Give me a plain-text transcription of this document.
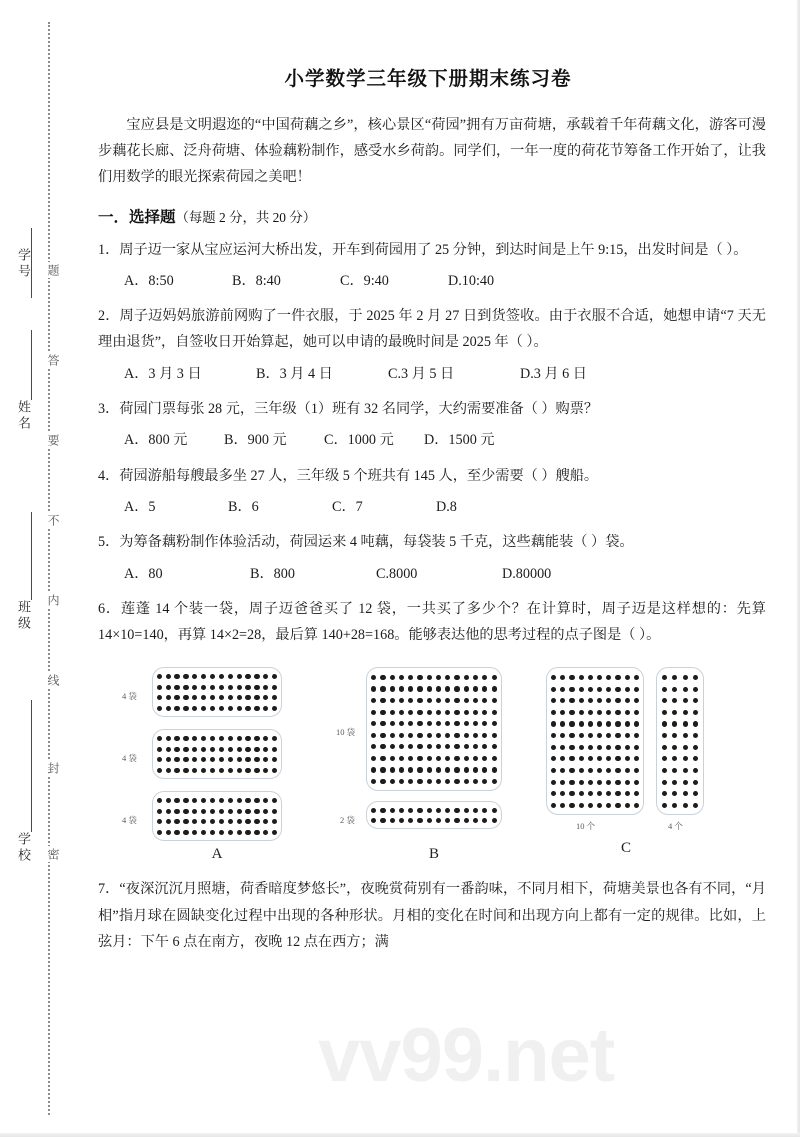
vv99.net
题
答
要
不
内
线
封
密
学号
姓名
班级
学校
小学数学三年级下册期末练习卷

宝应县是文明遐迩的“中国荷藕之乡”，核心景区“荷园”拥有万亩荷塘，承载着千年荷藕文化，游客可漫步藕花长廊、泛舟荷塘、体验藕粉制作，感受水乡荷韵。同学们，一年一度的荷花节筹备工作开始了，让我们用数学的眼光探索荷园之美吧！

一．选择题（每题 2 分，共 20 分）

1．周子迈一家从宝应运河大桥出发，开车到荷园用了 25 分钟，到达时间是上午 9:15，出发时间是（ ）。

A．8:50	B．8:40	C．9:40	D.10:40

2．周子迈妈妈旅游前网购了一件衣服，于 2025 年 2 月 27 日到货签收。由于衣服不合适，她想申请“7 天无理由退货”，自签收日开始算起，她可以申请的最晚时间是 2025 年（ ）。

A．3 月 3 日	B．3 月 4 日	C.3 月 5 日	D.3 月 6 日

3．荷园门票每张 28 元，三年级（1）班有 32 名同学，大约需要准备（ ）购票？

A．800 元	B．900 元	C．1000 元	D．1500 元

4．荷园游船每艘最多坐 27 人，三年级 5 个班共有 145 人，至少需要（ ）艘船。

A．5	B．6	C．7	D.8

5．为筹备藕粉制作体验活动，荷园运来 4 吨藕，每袋装 5 千克，这些藕能装（ ）袋。

A．80	B．800	C.8000	D.80000

6．莲蓬 14 个装一袋，周子迈爸爸买了 12 袋，一共买了多少个？在计算时，周子迈是这样想的：先算 14×10=140，再算 14×2=28，最后算 140+28=168。能够表达他的思考过程的点子图是（ ）。

4 袋
4 袋
4 袋
A
10 袋
2 袋
B
10 个	4 个
C

7．“夜深沉沉月照塘，荷香暗度梦悠长”，夜晚赏荷别有一番韵味，不同月相下，荷塘美景也各有不同，“月相”指月球在圆缺变化过程中出现的各种形状。月相的变化在时间和出现方向上都有一定的规律。比如，上弦月：下午 6 点在南方，夜晚 12 点在西方；满
